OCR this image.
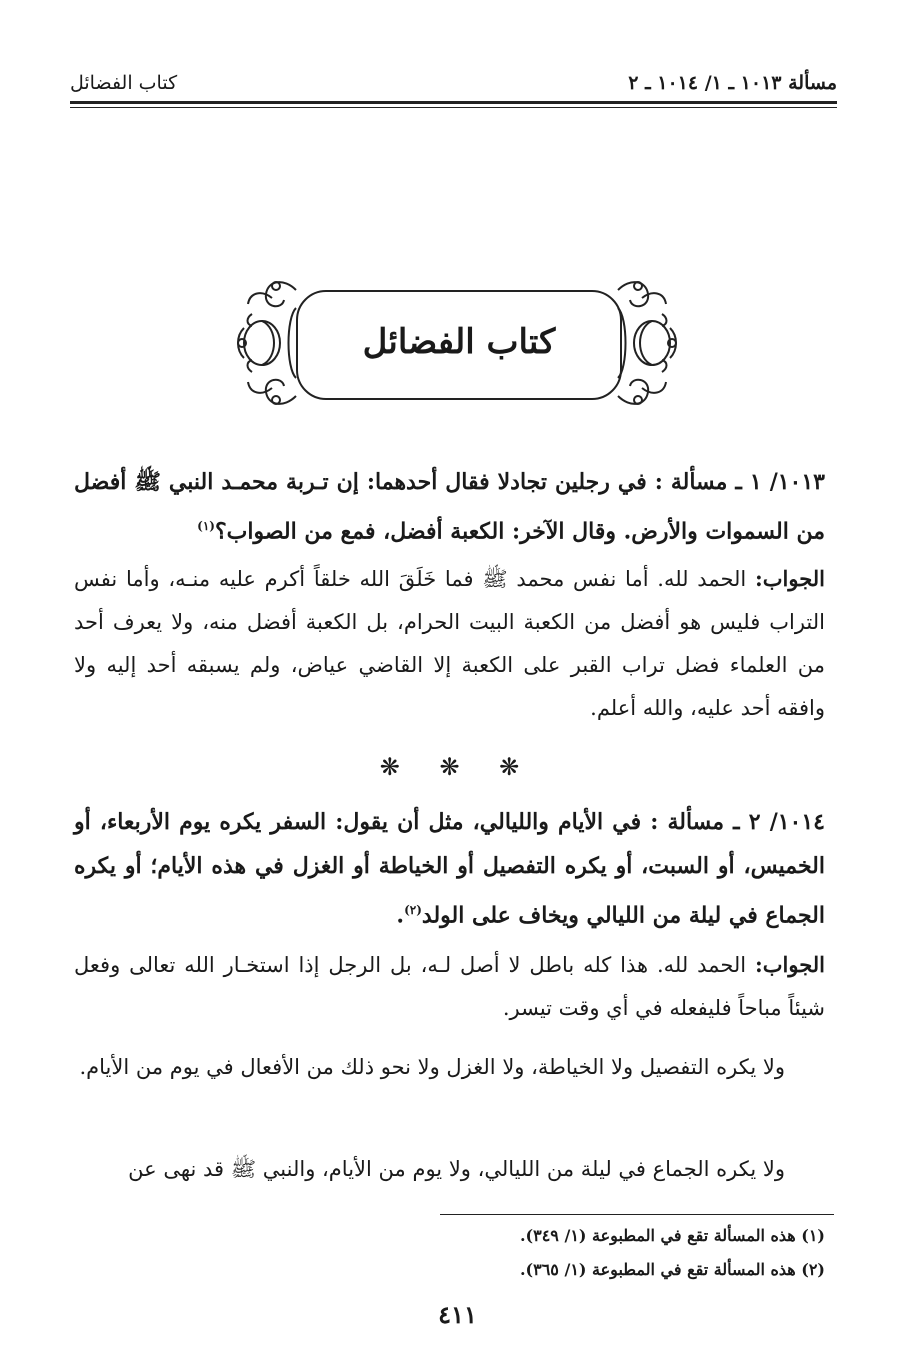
مسألة ١٠١٣ ـ ١/ ١٠١٤ ـ ٢
كتاب الفضائل
كتاب الفضائل
١٠١٣/ ١ ـ مسألة : في رجلين تجادلا فقال أحدهما: إن تـربة محمـد النبي ﷺ أفضل من السموات والأرض. وقال الآخر: الكعبة أفضل، فمع من الصواب؟$^{(١)}$
الجواب: الحمد لله. أما نفس محمد ﷺ فما خَلَقَ الله خلقاً أكرم عليه منـه، وأما نفس التراب فليس هو أفضل من الكعبة البيت الحرام، بل الكعبة أفضل منه، ولا يعرف أحد من العلماء فضل تراب القبر على الكعبة إلا القاضي عياض، ولم يسبقه أحد إليه ولا وافقه أحد عليه، والله أعلم.
❋ ❋ ❋
١٠١٤/ ٢ ـ مسألة : في الأيام والليالي، مثل أن يقول: السفر يكره يوم الأربعاء، أو الخميس، أو السبت، أو يكره التفصيل أو الخياطة أو الغزل في هذه الأيام؛ أو يكره الجماع في ليلة من الليالي ويخاف على الولد$^{(٢)}$.
الجواب: الحمد لله. هذا كله باطل لا أصل لـه، بل الرجل إذا استخـار الله تعالى وفعل شيئاً مباحاً فليفعله في أي وقت تيسر.
ولا يكره التفصيل ولا الخياطة، ولا الغزل ولا نحو ذلك من الأفعال في يوم من الأيام.
ولا يكره الجماع في ليلة من الليالي، ولا يوم من الأيام، والنبي ﷺ قد نهى عن
(١) هذه المسألة تقع في المطبوعة (١/ ٣٤٩).
(٢) هذه المسألة تقع في المطبوعة (١/ ٣٦٥).
٤١١
